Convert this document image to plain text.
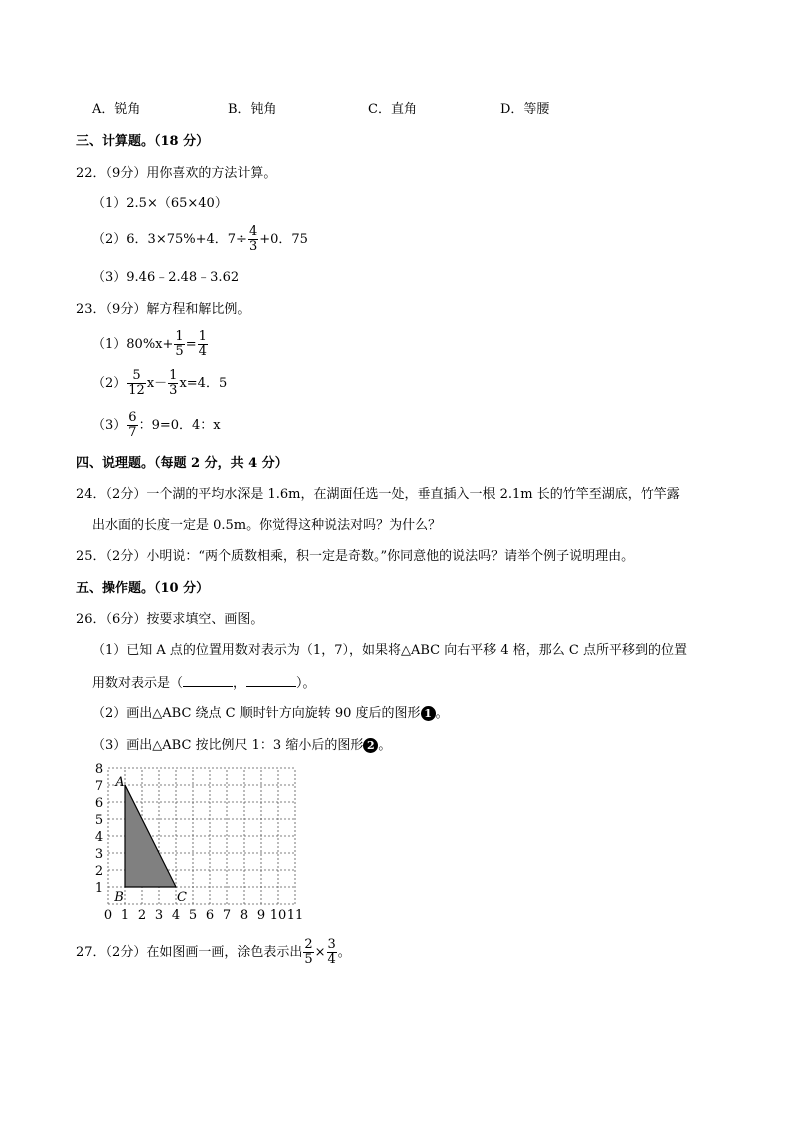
A．锐角	B．钝角	C．直角	D．等腰
三、计算题。（18 分）
22．（9分）用你喜欢的方法计算。
（1）2.5×（65×40）
（2）6．3×75%+4．$7\div \frac{4}{3} +0$．75
（3）9.46﹣2.48﹣3.62
23．（9分）解方程和解比例。
$(1)80\%x+ \frac{1}{5} = \frac{1}{4}$
$(2) \frac{5}{12} x- \frac{1}{3} x=4$．5
$(3) \frac{6}{7}$ ：9=0．4：x
四、说理题。（每题 2 分，共 4 分）
24．（2分）一个湖的平均水深是 1.6m，在湖面任选一处，垂直插入一根 2.1m 长的竹竿至湖底，竹竿露
出水面的长度一定是 0.5m。你觉得这种说法对吗？为什么？
25．（2分）小明说：“两个质数相乘，积一定是奇数。”你同意他的说法吗？请举个例子说明理由。
五、操作题。（10 分）
26．（6分）按要求填空、画图。
（1）已知 A 点的位置用数对表示为（1，7），如果将△ABC 向右平移 4 格，那么 C 点所平移到的位置
用数对表示是（	，	）。
（2）画出△ABC 绕点 C 顺时针方向旋转 90 度后的图形 1 。
（3）画出△ABC 按比例尺 1：3 缩小后的图形 2 。
0 1 2 3 4 5 6 7 8 9 10 11
1
2
3
4
5
6
7
8
A
B	C
27．（2分）在如图画一画，涂色表示出 $\frac{2}{5} \times \frac{3}{4}$ 。
